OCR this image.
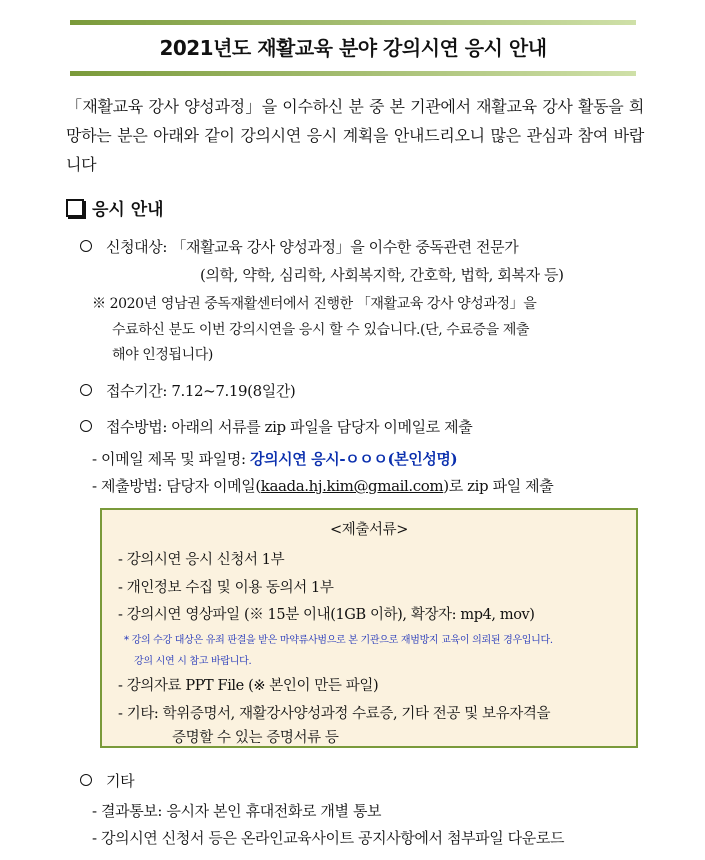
2021년도 재활교육 분야 강의시연 응시 안내
「재활교육 강사 양성과정」을 이수하신 분 중 본 기관에서 재활교육 강사 활동을 희망하는 분은 아래와 같이 강의시연 응시 계획을 안내드리오니 많은 관심과 참여 바랍니다
응시 안내
신청대상: 「재활교육 강사 양성과정」을 이수한 중독관련 전문가
(의학, 약학, 심리학, 사회복지학, 간호학, 법학, 회복자 등)
※ 2020년 영남권 중독재활센터에서 진행한 「재활교육 강사 양성과정」을
수료하신 분도 이번 강의시연을 응시 할 수 있습니다.(단, 수료증을 제출
해야 인정됩니다)
접수기간: 7.12~7.19(8일간)
접수방법: 아래의 서류를 zip 파일을 담당자 이메일로 제출
- 이메일 제목 및 파일명: 강의시연 응시-ㅇㅇㅇ(본인성명)
- 제출방법: 담당자 이메일(kaada.hj.kim@gmail.com)로 zip 파일 제출
<제출서류>
- 강의시연 응시 신청서 1부
- 개인정보 수집 및 이용 동의서 1부
- 강의시연 영상파일 (※ 15분 이내(1GB 이하), 확장자: mp4, mov)
* 강의 수강 대상은 유죄 판결을 받은 마약류사범으로 본 기관으로 재범방지 교육이 의뢰된 경우입니다.
강의 시연 시 참고 바랍니다.
- 강의자료 PPT File (※ 본인이 만든 파일)
- 기타: 학위증명서, 재활강사양성과정 수료증, 기타 전공 및 보유자격을
증명할 수 있는 증명서류 등
기타
- 결과통보: 응시자 본인 휴대전화로 개별 통보
- 강의시연 신청서 등은 온라인교육사이트 공지사항에서 첨부파일 다운로드
